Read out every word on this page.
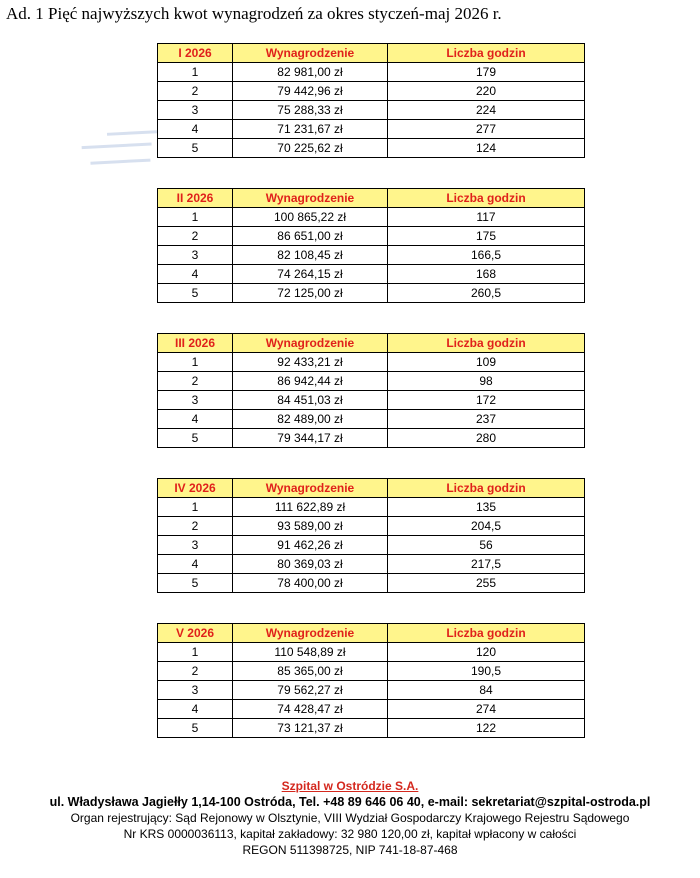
Ad. 1 Pięć najwyższych kwot wynagrodzeń za okres styczeń-maj 2026 r.
I 2026	Wynagrodzenie	Liczba godzin
1	82 981,00 zł	179
2	79 442,96 zł	220
3	75 288,33 zł	224
4	71 231,67 zł	277
5	70 225,62 zł	124
II 2026	Wynagrodzenie	Liczba godzin
1	100 865,22 zł	117
2	86 651,00 zł	175
3	82 108,45 zł	166,5
4	74 264,15 zł	168
5	72 125,00 zł	260,5
III 2026	Wynagrodzenie	Liczba godzin
1	92 433,21 zł	109
2	86 942,44 zł	98
3	84 451,03 zł	172
4	82 489,00 zł	237
5	79 344,17 zł	280
IV 2026	Wynagrodzenie	Liczba godzin
1	111 622,89 zł	135
2	93 589,00 zł	204,5
3	91 462,26 zł	56
4	80 369,03 zł	217,5
5	78 400,00 zł	255
V 2026	Wynagrodzenie	Liczba godzin
1	110 548,89 zł	120
2	85 365,00 zł	190,5
3	79 562,27 zł	84
4	74 428,47 zł	274
5	73 121,37 zł	122
Szpital w Ostródzie S.A.
ul. Władysława Jagiełły 1,14-100 Ostróda, Tel. +48 89 646 06 40, e-mail: sekretariat@szpital-ostroda.pl
Organ rejestrujący: Sąd Rejonowy w Olsztynie, VIII Wydział Gospodarczy Krajowego Rejestru Sądowego
Nr KRS 0000036113, kapitał zakładowy: 32 980 120,00 zł, kapitał wpłacony w całości
REGON 511398725, NIP 741-18-87-468
